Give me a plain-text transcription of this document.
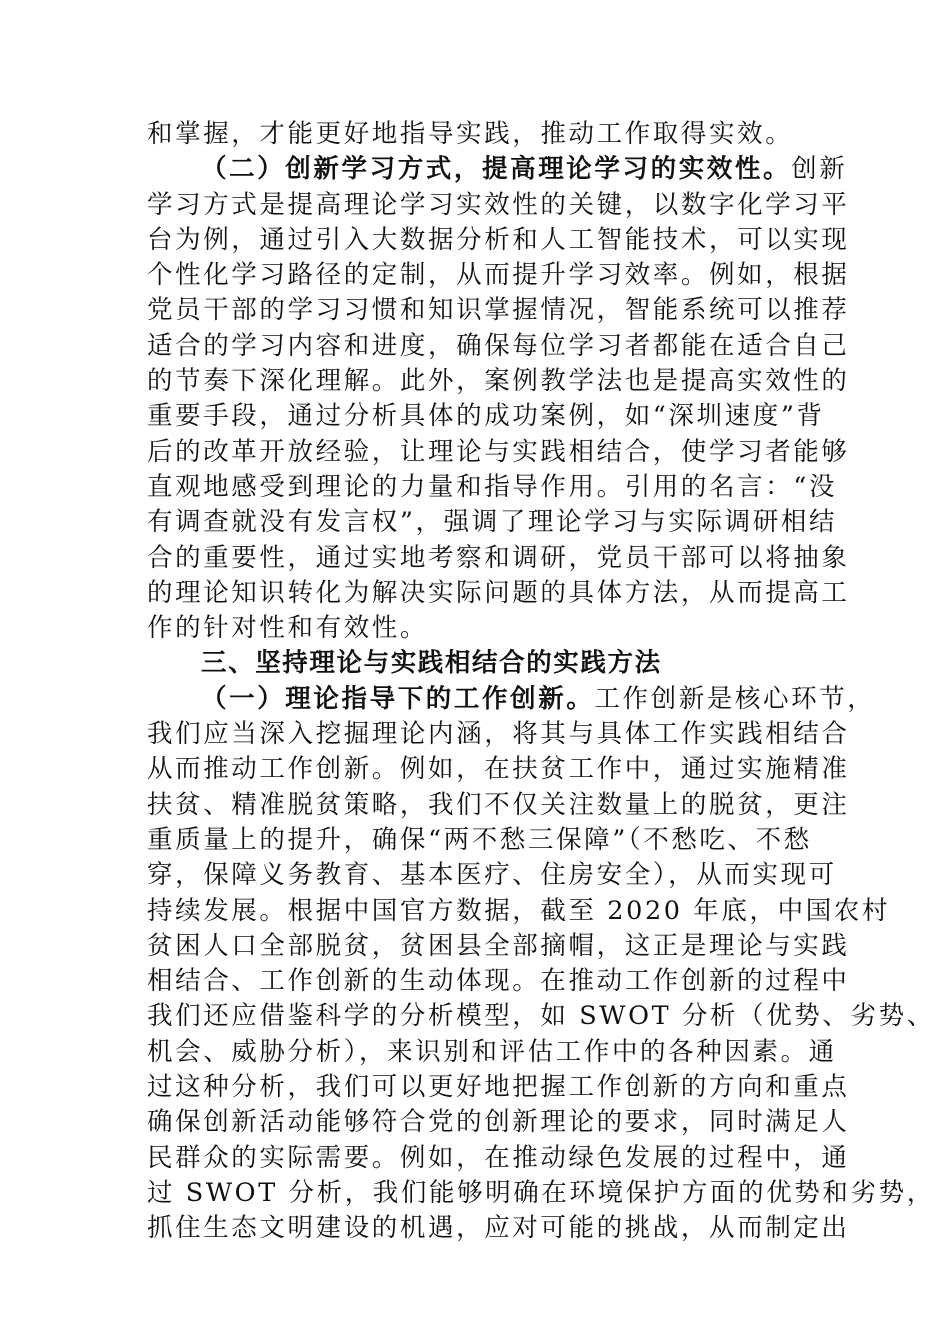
和掌握，才能更好地指导实践，推动工作取得实效。
（二）创新学习方式，提高理论学习的实效性。创新
学习方式是提高理论学习实效性的关键，以数字化学习平
台为例，通过引入大数据分析和人工智能技术，可以实现
个性化学习路径的定制，从而提升学习效率。例如，根据
党员干部的学习习惯和知识掌握情况，智能系统可以推荐
适合的学习内容和进度，确保每位学习者都能在适合自己
的节奏下深化理解。此外，案例教学法也是提高实效性的
重要手段，通过分析具体的成功案例，如“深圳速度”背
后的改革开放经验，让理论与实践相结合，使学习者能够
直观地感受到理论的力量和指导作用。引用的名言：“没
有调查就没有发言权”，强调了理论学习与实际调研相结
合的重要性，通过实地考察和调研，党员干部可以将抽象
的理论知识转化为解决实际问题的具体方法，从而提高工
作的针对性和有效性。
三、坚持理论与实践相结合的实践方法
（一）理论指导下的工作创新。工作创新是核心环节，
我们应当深入挖掘理论内涵，将其与具体工作实践相结合
从而推动工作创新。例如，在扶贫工作中，通过实施精准
扶贫、精准脱贫策略，我们不仅关注数量上的脱贫，更注
重质量上的提升，确保“两不愁三保障”（不愁吃、不愁
穿，保障义务教育、基本医疗、住房安全），从而实现可
持续发展。根据中国官方数据，截至 2020 年底，中国农村
贫困人口全部脱贫，贫困县全部摘帽，这正是理论与实践
相结合、工作创新的生动体现。在推动工作创新的过程中
我们还应借鉴科学的分析模型，如 SWOT 分析（优势、劣势、
机会、威胁分析），来识别和评估工作中的各种因素。通
过这种分析，我们可以更好地把握工作创新的方向和重点
确保创新活动能够符合党的创新理论的要求，同时满足人
民群众的实际需要。例如，在推动绿色发展的过程中，通
过 SWOT 分析，我们能够明确在环境保护方面的优势和劣势，
抓住生态文明建设的机遇，应对可能的挑战，从而制定出
